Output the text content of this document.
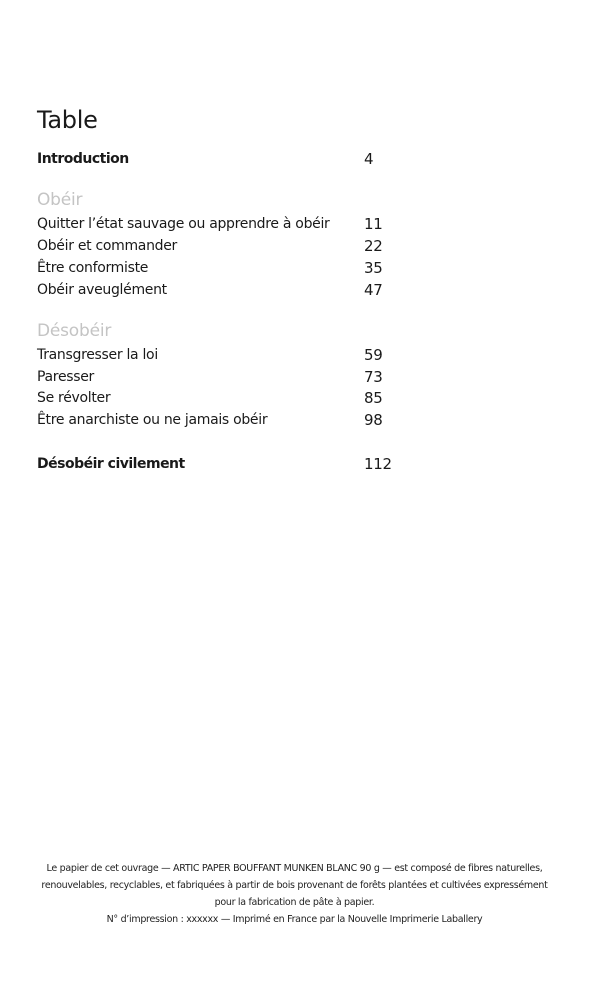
Table
Introduction	4
Quitter l’état sauvage ou apprendre à obéir 11
Obéir et commander	22
Être conformiste	35
Obéir aveuglément	47
Transgresser la loi	59
Paresser	73
Se révolter	85
Être anarchiste ou ne jamais obéir	98
Désobéir civilement	112
Obéir
Désobéir

Le papier de cet ouvrage — ARTIC PAPER BOUFFANT MUNKEN BLANC 90 g — est composé de fibres naturelles,

renouvelables, recyclables, et fabriquées à partir de bois provenant de forêts plantées et cultivées expressément

pour la fabrication de pâte à papier.

N° d’impression : xxxxxx — Imprimé en France par la Nouvelle Imprimerie Laballery
